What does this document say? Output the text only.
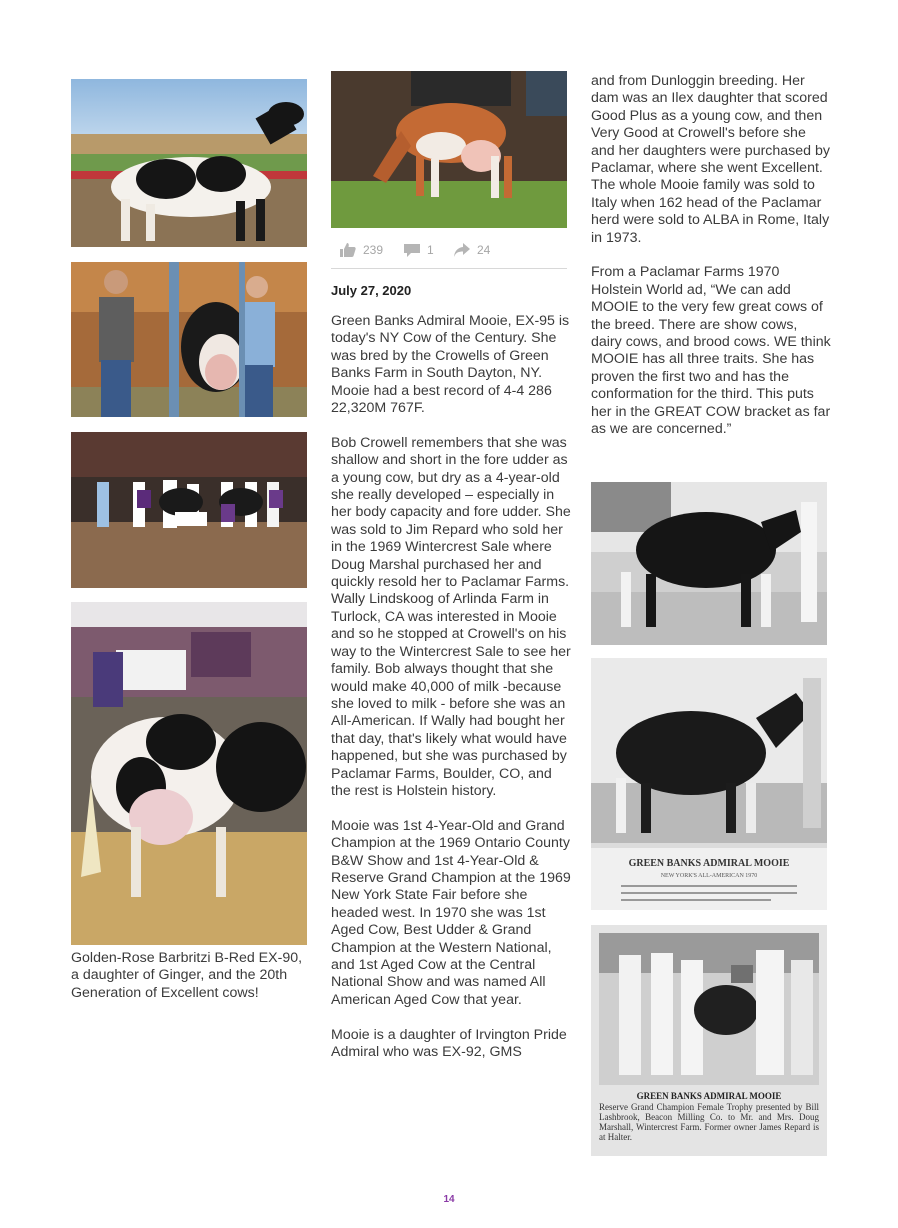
Golden-Rose Barbritzi B-Red EX-90, a daughter of Ginger, and the 20th Generation of Excellent cows!
239	1	24
July 27, 2020

Green Banks Admiral Mooie, EX-95 is today's NY Cow of the Century. She was bred by the Crowells of Green Banks Farm in South Dayton, NY. Mooie had a best record of 4-4 286 22,320M 767F.

Bob Crowell remembers that she was shallow and short in the fore udder as a young cow, but dry as a 4-year-old she really developed – especially in her body capacity and fore udder. She was sold to Jim Repard who sold her in the 1969 Wintercrest Sale where Doug Marshal purchased her and quickly resold her to Paclamar Farms. Wally Lindskoog of Arlinda Farm in Turlock, CA was interested in Mooie and so he stopped at Crowell's on his way to the Wintercrest Sale to see her family. Bob always thought that she would make 40,000 of milk -because she loved to milk - before she was an All-American. If Wally had bought her that day, that's likely what would have happened, but she was purchased by Paclamar Farms, Boulder, CO, and the rest is Holstein history.

Mooie was 1st 4-Year-Old and Grand Champion at the 1969 Ontario County B&W Show and 1st 4-Year-Old & Reserve Grand Champion at the 1969 New York State Fair before she headed west. In 1970 she was 1st Aged Cow, Best Udder & Grand Champion at the Western National, and 1st Aged Cow at the Central National Show and was named All American Aged Cow that year.

Mooie is a daughter of Irvington Pride Admiral who was EX-92, GMS

and from Dunloggin breeding. Her dam was an Ilex daughter that scored Good Plus as a young cow, and then Very Good at Crowell's before she and her daughters were purchased by Paclamar, where she went Excellent. The whole Mooie family was sold to Italy when 162 head of the Paclamar herd were sold to ALBA in Rome, Italy in 1973.

From a Paclamar Farms 1970 Holstein World ad, “We can add MOOIE to the very few great cows of the breed. There are show cows, dairy cows, and brood cows. WE think MOOIE has all three traits. She has proven the first two and has the conformation for the third. This puts her in the GREAT COW bracket as far as we are concerned.”

GREEN BANKS ADMIRAL MOOIE
NEW YORK'S ALL-AMERICAN 1970
GREEN BANKS ADMIRAL MOOIE
Reserve Grand Champion Female Trophy presented by Bill Lashbrook, Beacon Milling Co. to Mr. and Mrs. Doug Marshall, Wintercrest Farm. Former owner James Repard is at Halter.
14
